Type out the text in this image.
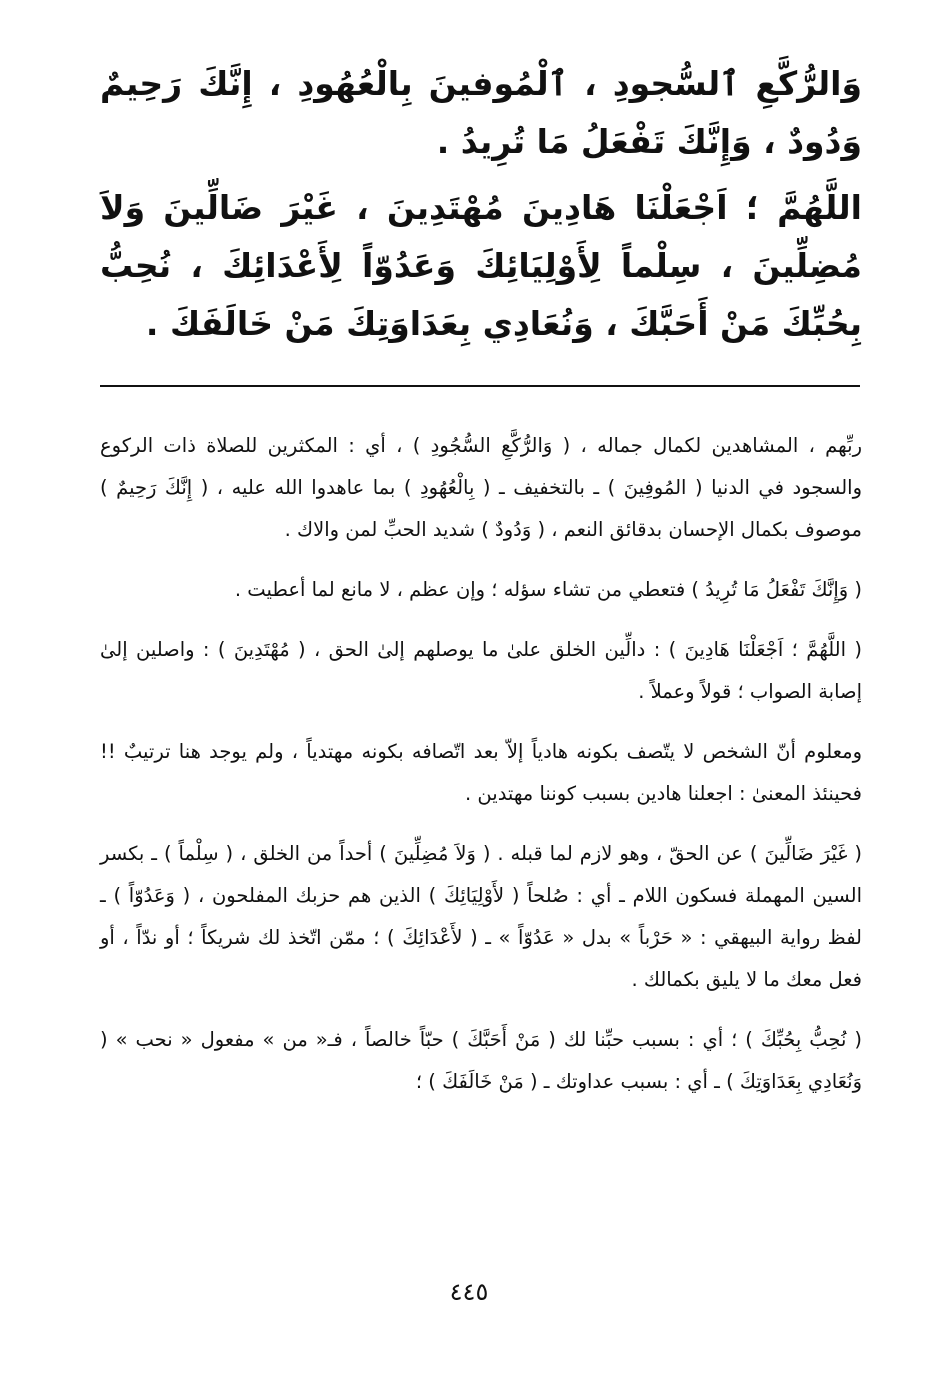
وَالرُّكَّعِ ٱلسُّجودِ ، ٱلْمُوفينَ بِالْعُهُودِ ، إِنَّكَ رَحِيمٌ وَدُودٌ ، وَإِنَّكَ تَفْعَلُ مَا تُرِيدُ .

اللَّهُمَّ ؛ اَجْعَلْنَا هَادِينَ مُهْتَدِينَ ، غَيْرَ ضَالِّينَ وَلاَ مُضِلِّينَ ، سِلْماً لِأَوْلِيَائِكَ وَعَدُوّاً لِأَعْدَائِكَ ، نُحِبُّ بِحُبِّكَ مَنْ أَحَبَّكَ ، وَنُعَادِي بِعَدَاوَتِكَ مَنْ خَالَفَكَ .

ربِّهم ، المشاهدين لكمال جماله ، ( وَالرُّكَّعِ السُّجُودِ ) ، أي : المكثرين للصلاة ذات الركوع والسجود في الدنيا ( المُوفِينَ ) ـ بالتخفيف ـ ( بِالْعُهُودِ ) بما عاهدوا الله عليه ، ( إِنَّكَ رَحِيمٌ ) موصوف بكمال الإحسان بدقائق النعم ، ( وَدُودٌ ) شديد الحبِّ لمن والاك .

( وَإِنَّكَ تَفْعَلُ مَا تُرِيدُ ) فتعطي من تشاء سؤله ؛ وإن عظم ، لا مانع لما أعطيت .

( اللَّهُمَّ ؛ اَجْعَلْنَا هَادِينَ ) : دالِّين الخلق علىٰ ما يوصلهم إلىٰ الحق ، ( مُهْتَدِينَ ) : واصلين إلىٰ إصابة الصواب ؛ قولاً وعملاً .

ومعلوم أنّ الشخص لا يتّصف بكونه هادياً إلاّ بعد اتّصافه بكونه مهتدياً ، ولم يوجد هنا ترتيبٌ !! فحينئذ المعنىٰ : اجعلنا هادين بسبب كوننا مهتدين .

( غَيْرَ ضَالِّينَ ) عن الحقّ ، وهو لازم لما قبله . ( وَلاَ مُضِلِّينَ ) أحداً من الخلق ، ( سِلْماً ) ـ بكسر السين المهملة فسكون اللام ـ أي : صُلحاً ( لأَوْلِيَائِكَ ) الذين هم حزبك المفلحون ، ( وَعَدُوّاً ) ـ لفظ رواية البيهقي : « حَرْباً » بدل « عَدُوّاً » ـ ( لأَعْدَائِكَ ) ؛ ممّن اتّخذ لك شريكاً ؛ أو ندّاً ، أو فعل معك ما لا يليق بكمالك .

( نُحِبُّ بِحُبِّكَ ) ؛ أي : بسبب حبِّنا لك ( مَنْ أَحَبَّكَ ) حبّاً خالصاً ، فـ« من » مفعول « نحب » ( وَنُعَادِي بِعَدَاوَتِكَ ) ـ أي : بسبب عداوتك ـ ( مَنْ خَالَفَكَ ) ؛

٤٤٥
